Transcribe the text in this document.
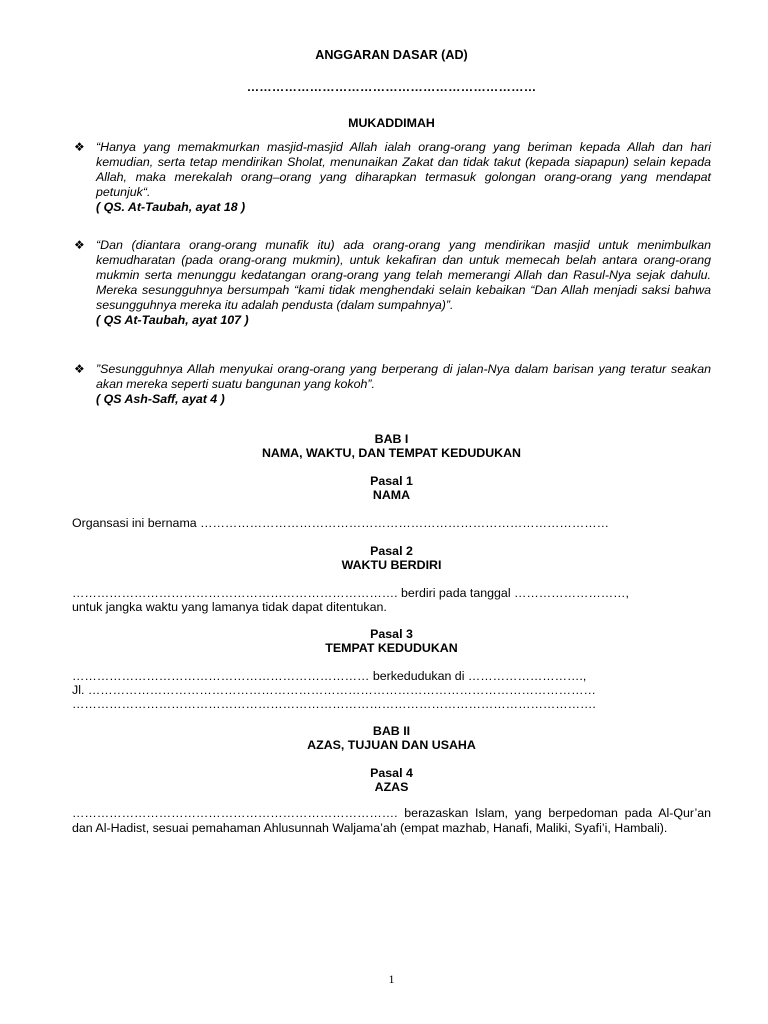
ANGGARAN DASAR (AD)
……………………………………………………………
MUKADDIMAH
❖ “Hanya yang memakmurkan masjid-masjid Allah ialah orang-orang yang beriman kepada Allah dan hari kemudian, serta tetap mendirikan Sholat, menunaikan Zakat dan tidak takut (kepada siapapun) selain kepada Allah, maka merekalah orang–orang yang diharapkan termasuk golongan orang-orang yang mendapat petunjuk“.
( QS. At-Taubah, ayat 18 )
❖ “Dan (diantara orang-orang munafik itu) ada orang-orang yang mendirikan masjid untuk menimbulkan kemudharatan (pada orang-orang mukmin), untuk kekafiran dan untuk memecah belah antara orang-orang mukmin serta menunggu kedatangan orang-orang yang telah memerangi Allah dan Rasul-Nya sejak dahulu. Mereka sesungguhnya bersumpah “kami tidak menghendaki selain kebaikan “Dan Allah menjadi saksi bahwa sesungguhnya mereka itu adalah pendusta (dalam sumpahnya)”.
( QS At-Taubah, ayat 107 )
❖ ”Sesungguhnya Allah menyukai orang-orang yang berperang di jalan-Nya dalam barisan yang teratur seakan akan mereka seperti suatu bangunan yang kokoh”.
( QS Ash-Saff, ayat 4 )
BAB I
NAMA, WAKTU, DAN TEMPAT KEDUDUKAN
Pasal 1
NAMA
Organsasi ini bernama ………………………………………………………………………………………
Pasal 2
WAKTU BERDIRI
……………………………………………………………………. berdiri pada tanggal ………………………,
untuk jangka waktu yang lamanya tidak dapat ditentukan.
Pasal 3
TEMPAT KEDUDUKAN
……………………………………………………………… berkedudukan di ……………………….,
Jl. ……………………………………………………………………………………………………………
……………………………………………………………………………………………………………….
BAB II
AZAS, TUJUAN DAN USAHA
Pasal 4
AZAS
……………………………………………………………………. berazaskan Islam, yang berpedoman pada Al-Qur’an dan Al-Hadist, sesuai pemahaman Ahlusunnah Waljama’ah (empat mazhab, Hanafi, Maliki, Syafi’i, Hambali).
1
